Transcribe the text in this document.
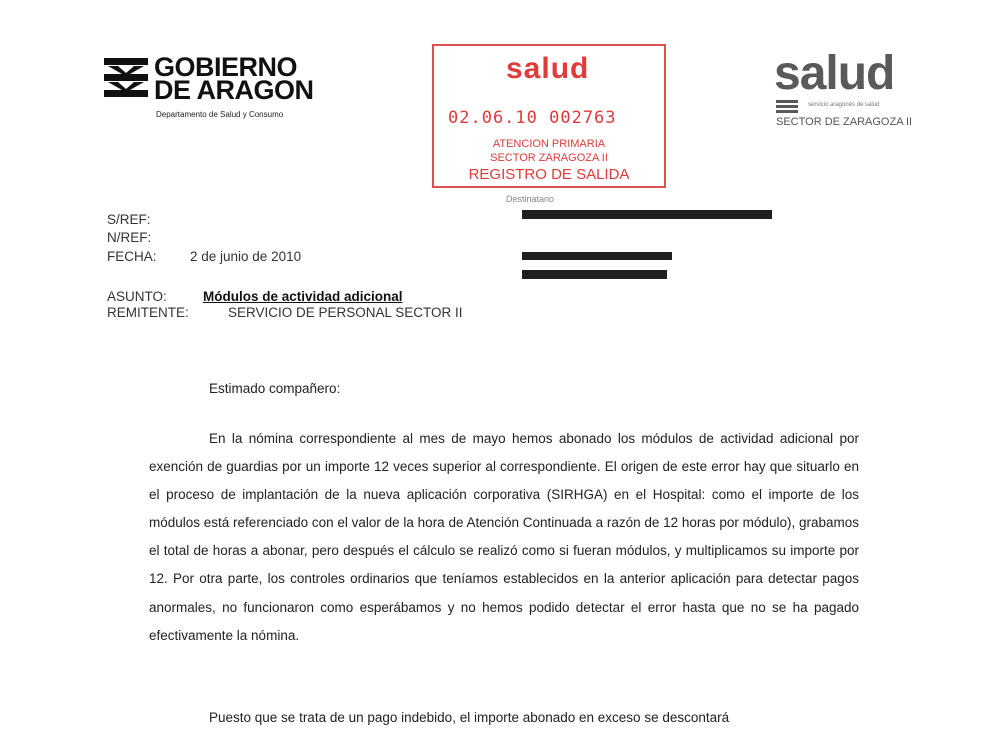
GOBIERNO
DE ARAGON
Departamento de Salud y Consumo
salud
02.06.10 002763
ATENCION PRIMARIA
SECTOR ZARAGOZA II
REGISTRO DE SALIDA
salud
servicio aragonés de salud
SECTOR DE ZARAGOZA II
Destinatario
S/REF:
N/REF:
FECHA: 2 de junio de 2010
ASUNTO:	Módulos de actividad adicional
REMITENTE:	SERVICIO DE PERSONAL SECTOR II
Estimado compañero:
En la nómina correspondiente al mes de mayo hemos abonado los módulos de actividad adicional por exención de guardias por un importe 12 veces superior al correspondiente. El origen de este error hay que situarlo en el proceso de implantación de la nueva aplicación corporativa (SIRHGA) en el Hospital: como el importe de los módulos está referenciado con el valor de la hora de Atención Continuada a razón de 12 horas por módulo), grabamos el total de horas a abonar, pero después el cálculo se realizó como si fueran módulos, y multiplicamos su importe por 12. Por otra parte, los controles ordinarios que teníamos establecidos en la anterior aplicación para detectar pagos anormales, no funcionaron como esperábamos y no hemos podido detectar el error hasta que no se ha pagado efectivamente la nómina.
Puesto que se trata de un pago indebido, el importe abonado en exceso se descontará
